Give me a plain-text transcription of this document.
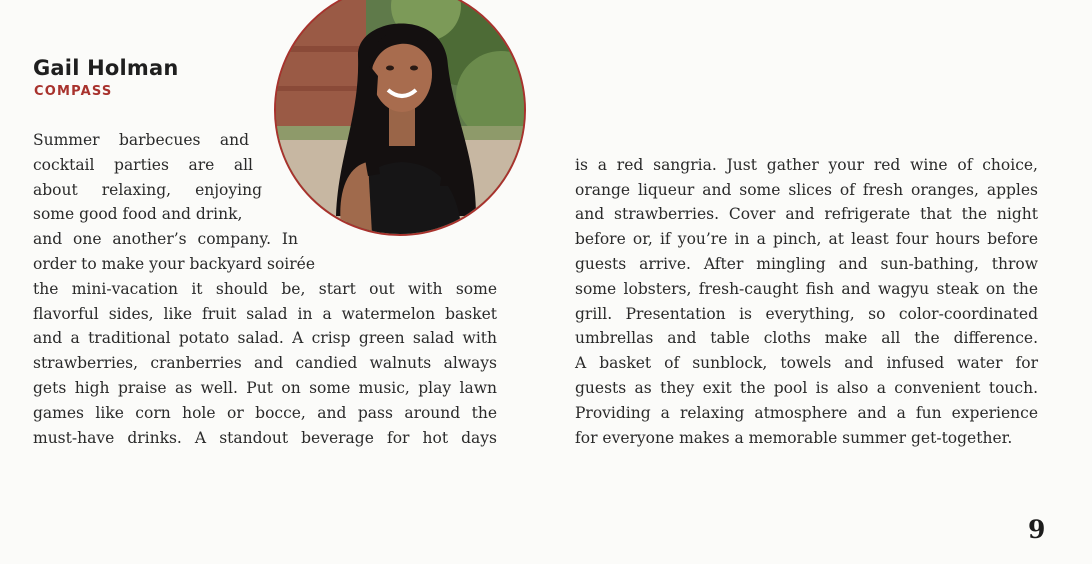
Gail Holman
COMPASS
Summer barbecues and
cocktail parties are all
about relaxing, enjoying
some good food and drink,
and one another’s company. In
order to make your backyard soirée
the mini-vacation it should be, start out with some
flavorful sides, like fruit salad in a watermelon basket
and a traditional potato salad. A crisp green salad with
strawberries, cranberries and candied walnuts always
gets high praise as well. Put on some music, play lawn
games like corn hole or bocce, and pass around the
must-have drinks. A standout beverage for hot days
is a red sangria. Just gather your red wine of choice,
orange liqueur and some slices of fresh oranges, apples
and strawberries. Cover and refrigerate that the night
before or, if you’re in a pinch, at least four hours before
guests arrive. After mingling and sun-bathing, throw
some lobsters, fresh-caught fish and wagyu steak on the
grill. Presentation is everything, so color-coordinated
umbrellas and table cloths make all the difference.
A basket of sunblock, towels and infused water for
guests as they exit the pool is also a convenient touch.
Providing a relaxing atmosphere and a fun experience
for everyone makes a memorable summer get-together.
9
